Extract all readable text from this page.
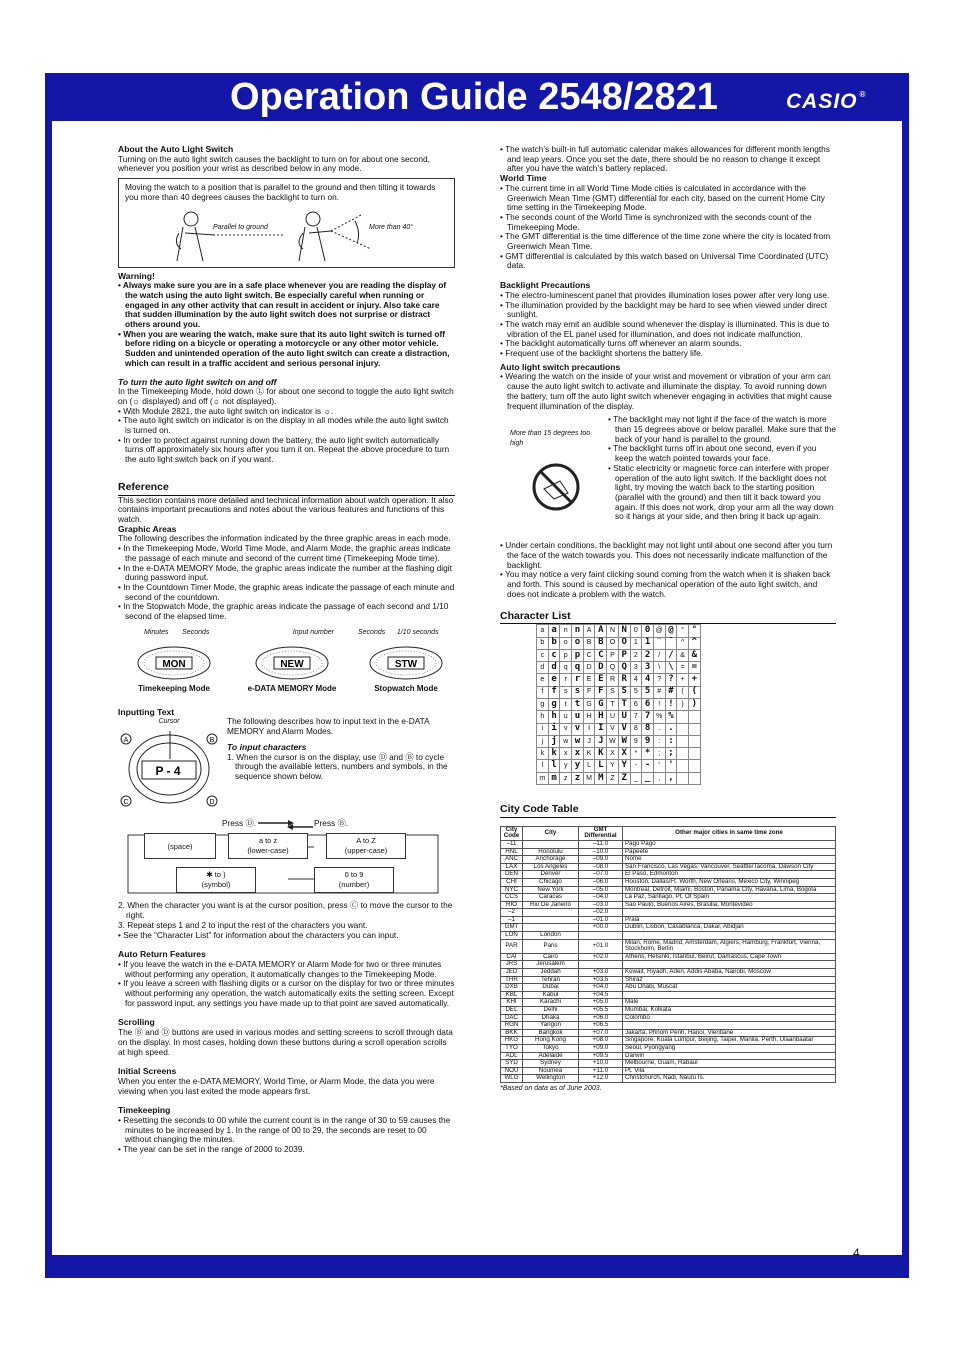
Operation Guide 2548/2821	CASIO ®

About the Auto Light Switch

Turning on the auto light switch causes the backlight to turn on for about one second, whenever you position your wrist as described below in any mode.

Moving the watch to a position that is parallel to the ground and then tilting it towards you more than 40 degrees causes the backlight to turn on.

Parallel to ground	More than 40°

Warning!

• Always make sure you are in a safe place whenever you are reading the display of the watch using the auto light switch. Be especially careful when running or engaged in any other activity that can result in accident or injury. Also take care that sudden illumination by the auto light switch does not surprise or distract others around you.
• When you are wearing the watch, make sure that its auto light switch is turned off before riding on a bicycle or operating a motorcycle or any other motor vehicle. Sudden and unintended operation of the auto light switch can create a distraction, which can result in a traffic accident and serious personal injury.

To turn the auto light switch on and off

In the Timekeeping Mode, hold down Ⓛ for about one second to toggle the auto light switch on (☼ displayed) and off (☼ not displayed).

• With Module 2821, the auto light switch on indicator is ☼.
• The auto light switch on indicator is on the display in all modes while the auto light switch is turned on.
• In order to protect against running down the battery, the auto light switch automatically turns off approximately six hours after you turn it on. Repeat the above procedure to turn the auto light switch back on if you want.

Reference

This section contains more detailed and technical information about watch operation. It also contains important precautions and notes about the various features and functions of this watch.

Graphic Areas

The following describes the information indicated by the three graphic areas in each mode.

• In the Timekeeping Mode, World Time Mode, and Alarm Mode, the graphic areas indicate the passage of each minute and second of the current time (Timekeeping Mode time).
• In the e-DATA MEMORY Mode, the graphic areas indicate the number at the flashing digit during password input.
• In the Countdown Timer Mode, the graphic areas indicate the passage of each minute and second of the countdown.
• In the Stopwatch Mode, the graphic areas indicate the passage of each second and 1/10 second of the elapsed time.
Minutes Seconds
MON
Timekeeping Mode
Input number
NEW
e-DATA MEMORY Mode
Seconds 1/10 seconds
STW
Stopwatch Mode

Inputting Text

Cursor
P - 4
A	B
C	D

The following describes how to input text in the e-DATA MEMORY and Alarm Modes.

To input characters

1. When the cursor is on the display, use Ⓓ and Ⓑ to cycle through the available letters, numbers and symbols, in the sequence shown below.

Press Ⓓ.	Press Ⓑ.
(space)
a to z
(lower-case)
A to Z
(upper-case)
0 to 9
(number)
✱ to )
(symbol)

2. When the character you want is at the cursor position, press Ⓒ to move the cursor to the right.

3. Repeat steps 1 and 2 to input the rest of the characters you want.

• See the “Character List” for information about the characters you can input.

Auto Return Features

• If you leave the watch in the e-DATA MEMORY or Alarm Mode for two or three minutes without performing any operation, it automatically changes to the Timekeeping Mode.
• If you leave a screen with flashing digits or a cursor on the display for two or three minutes without performing any operation, the watch automatically exits the setting screen. Except for password input, any settings you have made up to that point are saved automatically.

Scrolling

The Ⓑ and Ⓓ buttons are used in various modes and setting screens to scroll through data on the display. In most cases, holding down these buttons during a scroll operation scrolls at high speed.

Initial Screens

When you enter the e-DATA MEMORY, World Time, or Alarm Mode, the data you were viewing when you last exited the mode appears first.

Timekeeping

• Resetting the seconds to 00 while the current count is in the range of 30 to 59 causes the minutes to be increased by 1. In the range of 00 to 29, the seconds are reset to 00 without changing the minutes.
• The year can be set in the range of 2000 to 2039.
• The watch’s built-in full automatic calendar makes allowances for different month lengths and leap years. Once you set the date, there should be no reason to change it except after you have the watch’s battery replaced.

World Time

• The current time in all World Time Mode cities is calculated in accordance with the Greenwich Mean Time (GMT) differential for each city, based on the current Home City time setting in the Timekeeping Mode.
• The seconds count of the World Time is synchronized with the seconds count of the Timekeeping Mode.
• The GMT differential is the time difference of the time zone where the city is located from Greenwich Mean Time.
• GMT differential is calculated by this watch based on Universal Time Coordinated (UTC) data.

Backlight Precautions

• The electro-luminescent panel that provides illumination loses power after very long use.
• The illumination provided by the backlight may be hard to see when viewed under direct sunlight.
• The watch may emit an audible sound whenever the display is illuminated. This is due to vibration of the EL panel used for illumination, and does not indicate malfunction.
• The backlight automatically turns off whenever an alarm sounds.
• Frequent use of the backlight shortens the battery life.

Auto light switch precautions

• Wearing the watch on the inside of your wrist and movement or vibration of your arm can cause the auto light switch to activate and illuminate the display. To avoid running down the battery, turn off the auto light switch whenever engaging in activities that might cause frequent illumination of the display.
More than 15 degrees too high
• The backlight may not light if the face of the watch is more than 15 degrees above or below parallel. Make sure that the back of your hand is parallel to the ground.
• The backlight turns off in about one second, even if you keep the watch pointed towards your face.
• Static electricity or magnetic force can interfere with proper operation of the auto light switch. If the backlight does not light, try moving the watch back to the starting position (parallel with the ground) and then tilt it back toward you again. If this does not work, drop your arm all the way down so it hangs at your side, and then bring it back up again.
• Under certain conditions, the backlight may not light until about one second after you turn the face of the watch towards you. This does not necessarily indicate malfunction of the backlight.
• You may notice a very faint clicking sound coming from the watch when it is shaken back and forth. This sound is caused by mechanical operation of the auto light switch, and does not indicate a problem with the watch.

Character List

a	a	n	n	A	A	N	N	0	0	@	@	°	°
b	b	o	o	B	B	O	O	1	1	¯	¯	^	^
c	c	p	p	C	C	P	P	2	2	/	/	&	&
d	d	q	q	D	D	Q	Q	3	3	\	\	=	=
e	e	r	r	E	E	R	R	4	4	?	?	+	+
f	f	s	s	F	F	S	S	5	5	#	#	(	(
g	g	t	t	G	G	T	T	6	6	!	!	)	)
h	h	u	u	H	H	U	U	7	7	%	%		
i	i	v	v	I	I	V	V	8	8	.	.		
j	j	w	w	J	J	W	W	9	9	:	:		
k	k	x	x	K	K	X	X	*	*	;	;		
l	l	y	y	L	L	Y	Y	-	-	'	'		
m	m	z	z	M	M	Z	Z	_	_	,	,		

City Code Table

City Code	City	GMT Differential	Other major cities in same time zone
–11		–11.0	Pago Pago
HNL	Honolulu	–10.0	Papeete
ANC	Anchorage	–09.0	Nome
LAX	Los Angeles	–08.0	San Francisco, Las Vegas, Vancouver, Seattle/Tacoma, Dawson City
DEN	Denver	–07.0	El Paso, Edmonton
CHI	Chicago	–06.0	Houston, Dallas/Ft. Worth, New Orleans, Mexico City, Winnipeg
NYC	New York	–05.0	Montreal, Detroit, Miami, Boston, Panama City, Havana, Lima, Bogota
CCS	Caracas	–04.0	La Paz, Santiago, Pt. Of Spain
RIO	Rio De Janeiro	–03.0	Sao Paulo, Buenos Aires, Brasilia, Montevideo
–2		–02.0	
–1		–01.0	Praia
GMT		+00.0	Dublin, Lisbon, Casablanca, Dakar, Abidjan
LON	London		
PAR	Paris	+01.0	Milan, Rome, Madrid, Amsterdam, Algiers, Hamburg, Frankfurt, Vienna, Stockholm, Berlin
CAI	Cairo	+02.0	Athens, Helsinki, Istanbul, Beirut, Damascus, Cape Town
JRS	Jerusalem		
JED	Jeddah	+03.0	Kuwait, Riyadh, Aden, Addis Ababa, Nairobi, Moscow
THR	Tehran	+03.5	Shiraz
DXB	Dubai	+04.0	Abu Dhabi, Muscat
KBL	Kabul	+04.5	
KHI	Karachi	+05.0	Male
DEL	Delhi	+05.5	Mumbai, Kolkata
DAC	Dhaka	+06.0	Colombo
RGN	Yangon	+06.5	
BKK	Bangkok	+07.0	Jakarta, Phnom Penh, Hanoi, Vientiane
HKG	Hong Kong	+08.0	Singapore, Kuala Lumpur, Beijing, Taipei, Manila, Perth, Ulaanbaatar
TYO	Tokyo	+09.0	Seoul, Pyongyang
ADL	Adelaide	+09.5	Darwin
SYD	Sydney	+10.0	Melbourne, Guam, Rabaul
NOU	Noumea	+11.0	Pt. Vila
WLG	Wellington	+12.0	Christchurch, Nadi, Nauru Is.

*Based on data as of June 2003.

4
